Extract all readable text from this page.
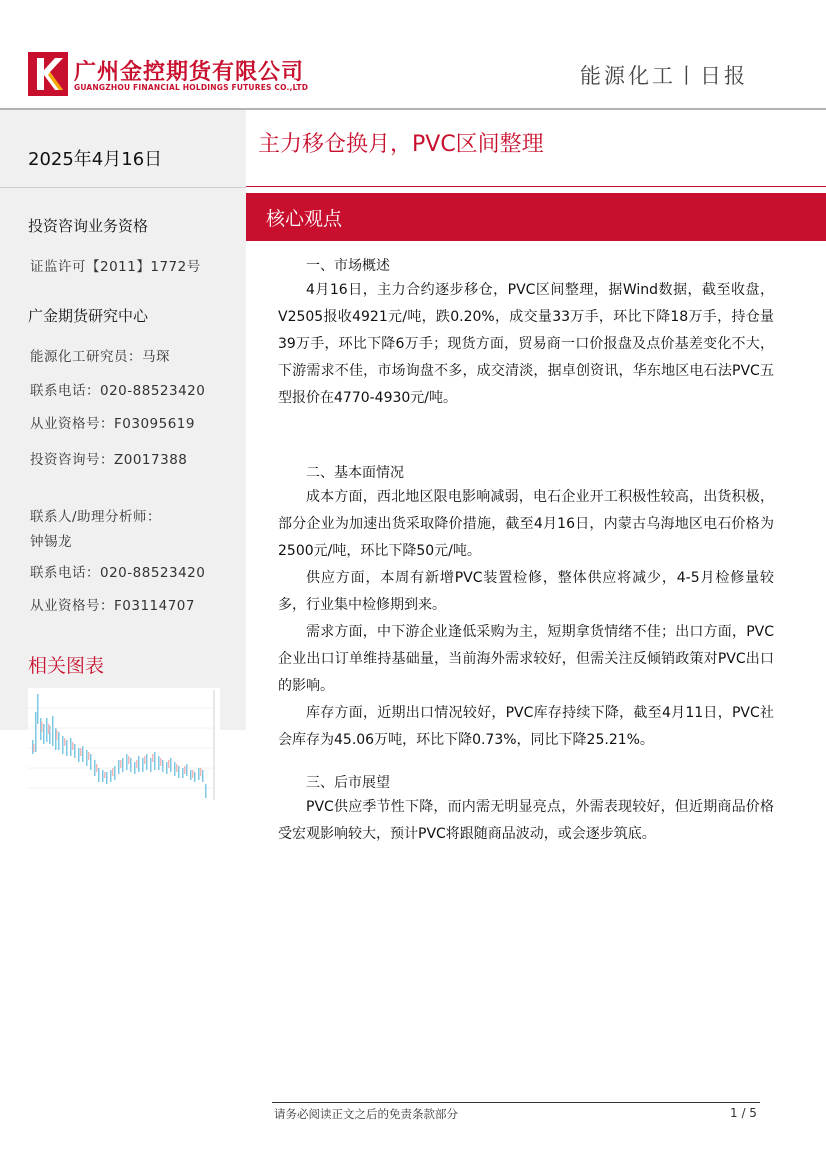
广州金控期货有限公司
GUANGZHOU FINANCIAL HOLDINGS FUTURES CO.,LTD	能源化工丨日报
2025年4月16日
投资咨询业务资格
证监许可【2011】1772号
广金期货研究中心
能源化工研究员：马琛
联系电话：020-88523420
从业资格号：F03095619
投资咨询号：Z0017388
联系人/助理分析师：
钟锡龙
联系电话：020-88523420
从业资格号：F03114707
相关图表
主力移仓换月，PVC区间整理
核心观点
一、市场概述

4月16日，主力合约逐步移仓，PVC区间整理，据Wind数据，截至收盘，V2505报收4921元/吨，跌0.20%，成交量33万手，环比下降18万手，持仓量39万手，环比下降6万手；现货方面，贸易商一口价报盘及点价基差变化不大，下游需求不佳，市场询盘不多，成交清淡，据卓创资讯，华东地区电石法PVC五型报价在4770-4930元/吨。

二、基本面情况

成本方面，西北地区限电影响减弱，电石企业开工积极性较高，出货积极，部分企业为加速出货采取降价措施，截至4月16日，内蒙古乌海地区电石价格为2500元/吨，环比下降50元/吨。

供应方面，本周有新增PVC装置检修，整体供应将减少，4-5月检修量较多，行业集中检修期到来。

需求方面，中下游企业逢低采购为主，短期拿货情绪不佳；出口方面，PVC企业出口订单维持基础量，当前海外需求较好，但需关注反倾销政策对PVC出口的影响。

库存方面，近期出口情况较好，PVC库存持续下降，截至4月11日，PVC社会库存为45.06万吨，环比下降0.73%，同比下降25.21%。

三、后市展望

PVC供应季节性下降，而内需无明显亮点，外需表现较好，但近期商品价格受宏观影响较大，预计PVC将跟随商品波动，或会逐步筑底。

请务必阅读正文之后的免责条款部分	1 / 5
